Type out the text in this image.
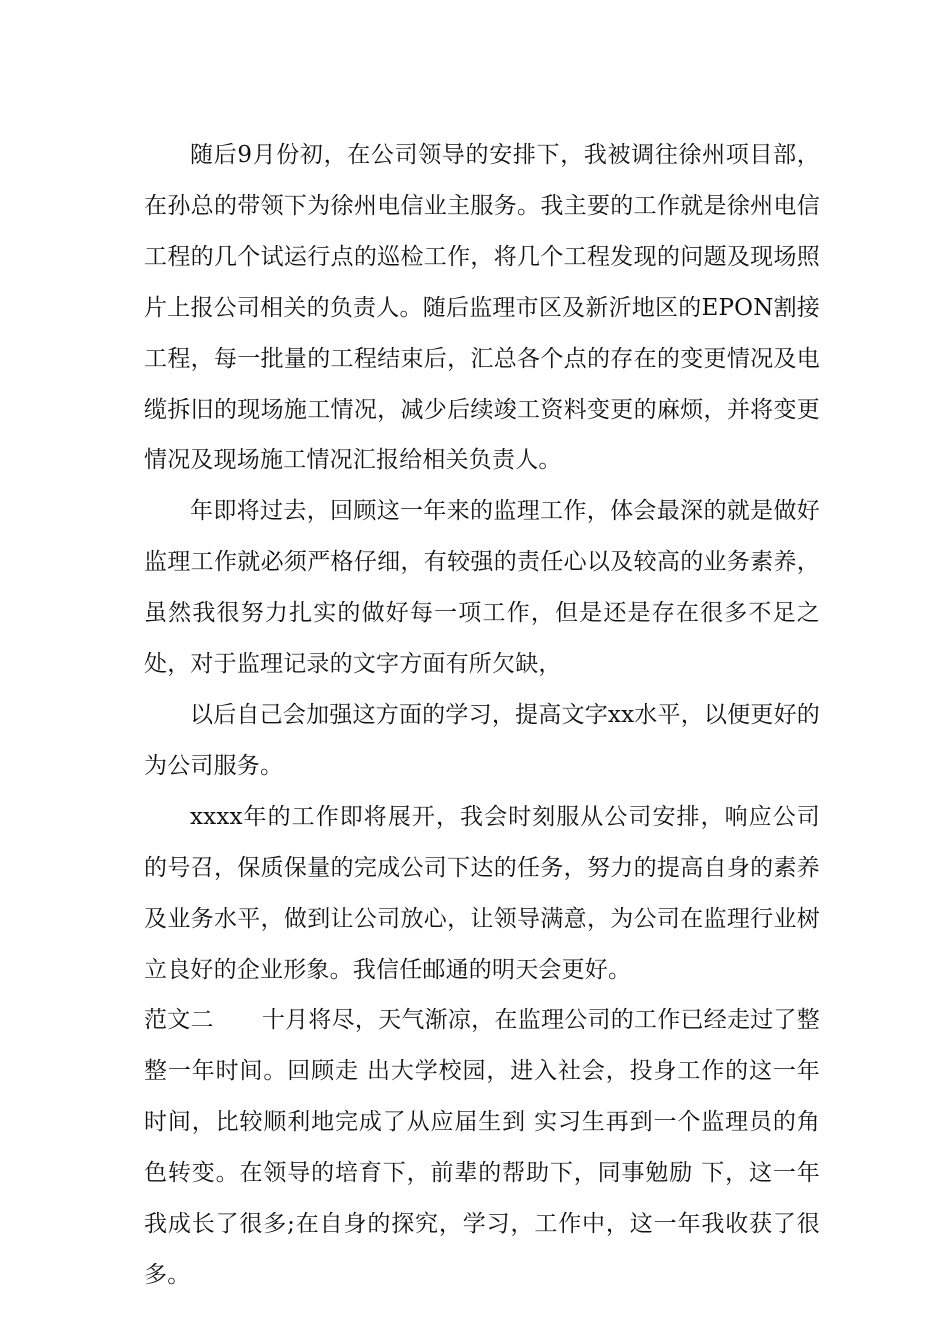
随后9月份初，在公司领导的安排下，我被调往徐州项目部，在孙总的带领下为徐州电信业主服务。我主要的工作就是徐州电信工程的几个试运行点的巡检工作，将几个工程发现的问题及现场照片上报公司相关的负责人。随后监理市区及新沂地区的EPON割接工程，每一批量的工程结束后，汇总各个点的存在的变更情况及电缆拆旧的现场施工情况，减少后续竣工资料变更的麻烦，并将变更情况及现场施工情况汇报给相关负责人。

年即将过去，回顾这一年来的监理工作，体会最深的就是做好监理工作就必须严格仔细，有较强的责任心以及较高的业务素养，虽然我很努力扎实的做好每一项工作，但是还是存在很多不足之处，对于监理记录的文字方面有所欠缺，

以后自己会加强这方面的学习，提高文字xx水平，以便更好的为公司服务。

xxxx年的工作即将展开，我会时刻服从公司安排，响应公司的号召，保质保量的完成公司下达的任务，努力的提高自身的素养及业务水平，做到让公司放心，让领导满意，为公司在监理行业树立良好的企业形象。我信任邮通的明天会更好。

范文二 十月将尽，天气渐凉，在监理公司的工作已经走过了整整一年时间。回顾走 出大学校园，进入社会，投身工作的这一年时间，比较顺利地完成了从应届生到 实习生再到一个监理员的角色转变。在领导的培育下，前辈的帮助下，同事勉励 下，这一年我成长了很多;在自身的探究，学习，工作中，这一年我收获了很多。
